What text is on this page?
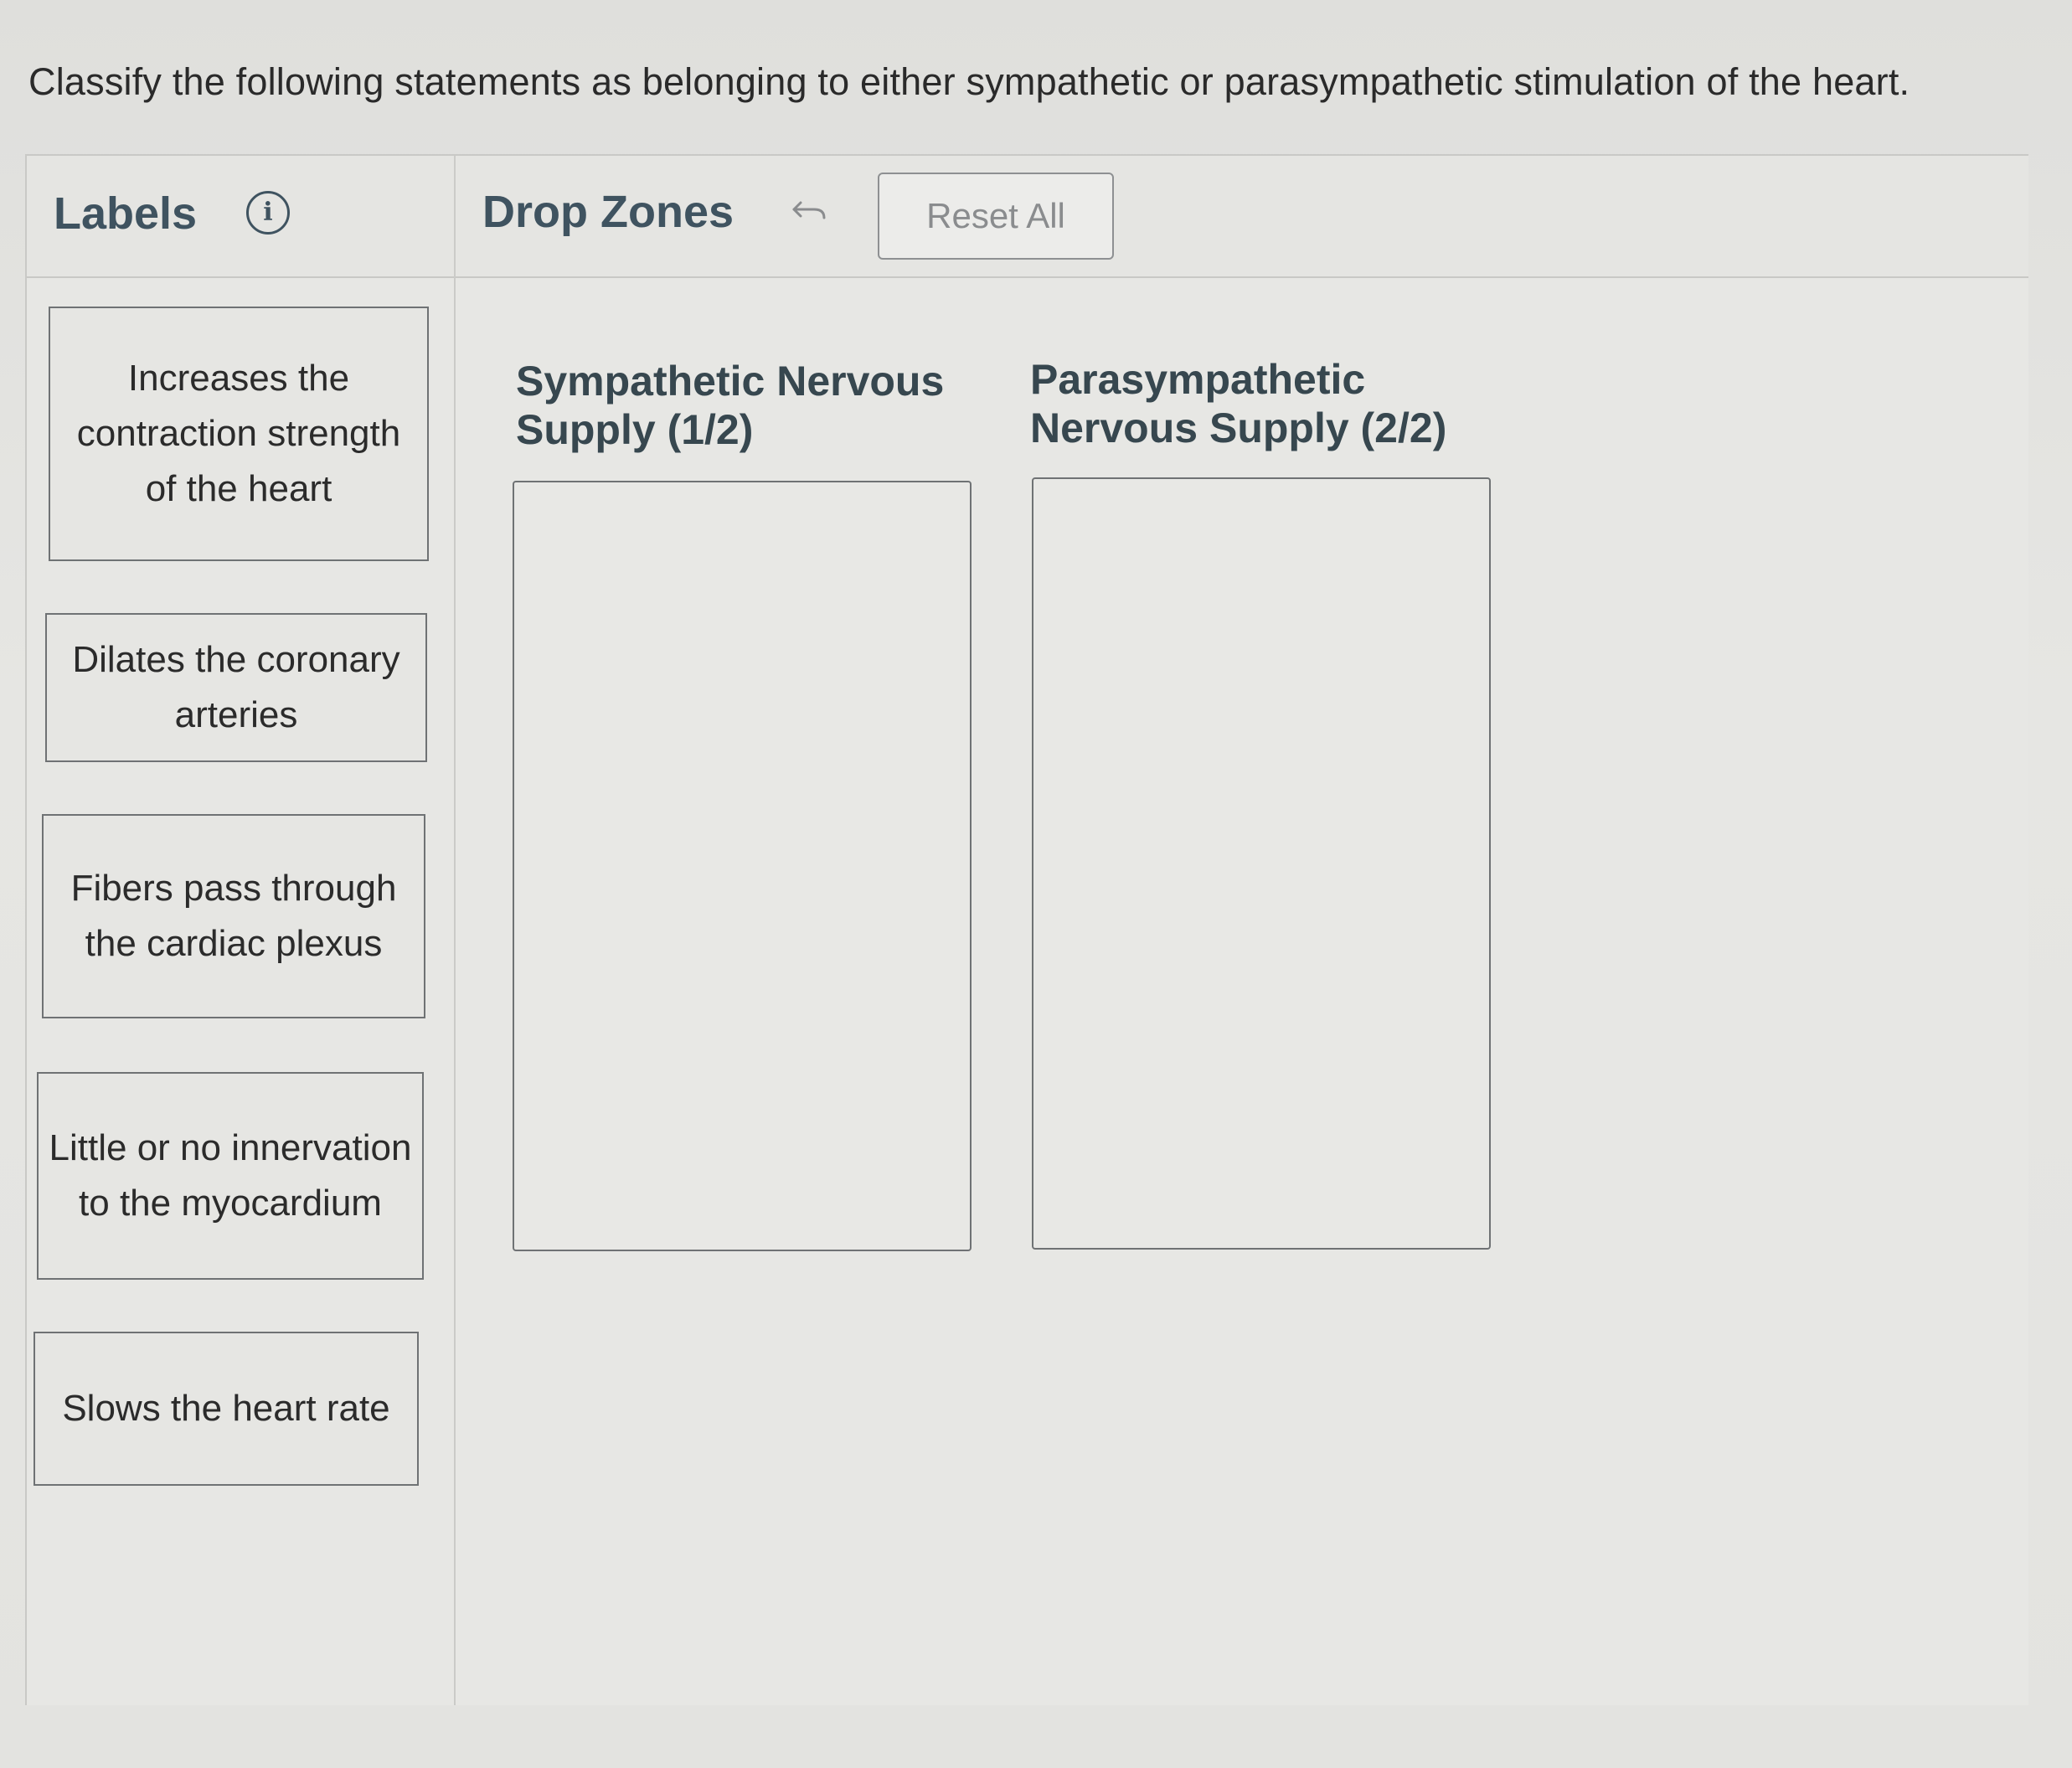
Classify the following statements as belonging to either sympathetic or parasympathetic stimulation of the heart.
Labels	i	Drop Zones	Reset All
Increases the contraction strength of the heart
Dilates the coronary arteries
Fibers pass through the cardiac plexus
Little or no innervation to the myocardium
Slows the heart rate
Sympathetic Nervous Supply (1/2)
Parasympathetic Nervous Supply (2/2)
